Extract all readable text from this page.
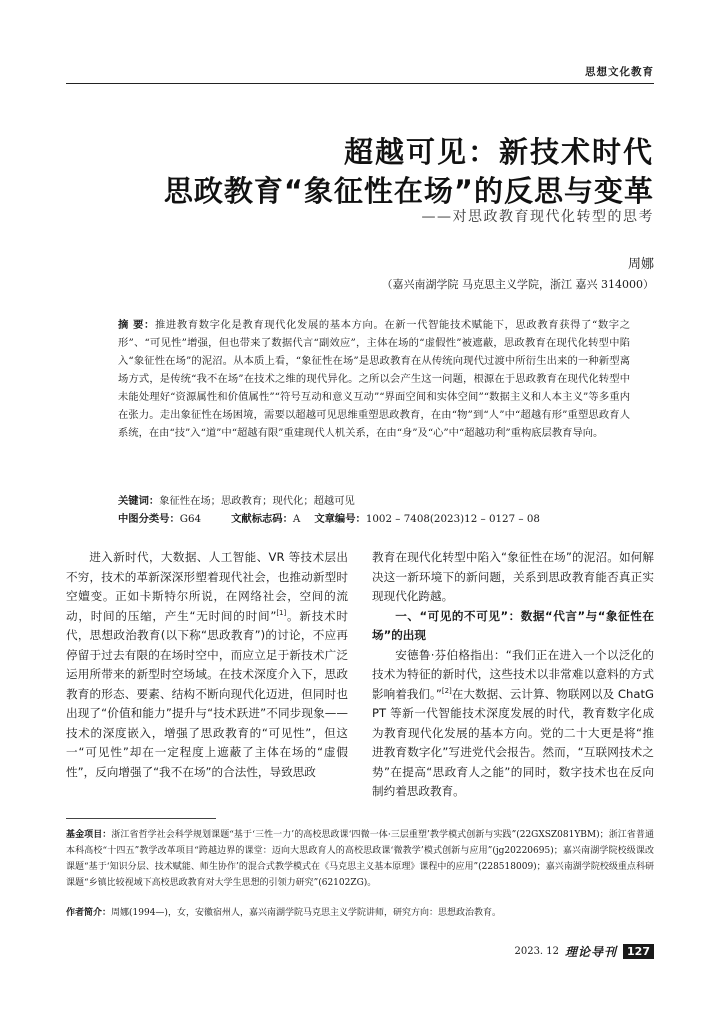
思想文化教育
超越可见：新技术时代
思政教育“象征性在场”的反思与变革
——对思政教育现代化转型的思考
周娜
（嘉兴南湖学院 马克思主义学院，浙江 嘉兴 314000）
摘 要：推进教育数字化是教育现代化发展的基本方向。在新一代智能技术赋能下，思政教育获得了“数字之形”、“可见性”增强，但也带来了数据代言“副效应”，主体在场的“虚假性”被遮蔽，思政教育在现代化转型中陷入“象征性在场”的泥沼。从本质上看，“象征性在场”是思政教育在从传统向现代过渡中所衍生出来的一种新型离场方式，是传统“我不在场”在技术之维的现代异化。之所以会产生这一问题，根源在于思政教育在现代化转型中未能处理好“资源属性和价值属性”“符号互动和意义互动”“界面空间和实体空间”“数据主义和人本主义”等多重内在张力。走出象征性在场困境，需要以超越可见思维重塑思政教育，在由“物”到“人”中“超越有形”重塑思政育人系统，在由“技”入“道”中“超越有限”重建现代人机关系，在由“身”及“心”中“超越功利”重构底层教育导向。
关键词：象征性在场；思政教育；现代化；超越可见
中图分类号：G64	文献标志码：A 文章编号：1002 – 7408(2023)12 – 0127 – 08

进入新时代，大数据、人工智能、VR 等技术层出不穷，技术的革新深深形塑着现代社会，也推动新型时空嬗变。正如卡斯特尔所说，在网络社会，空间的流动，时间的压缩，产生“无时间的时间”[1]。新技术时代，思想政治教育(以下称“思政教育”)的讨论，不应再停留于过去有限的在场时空中，而应立足于新技术广泛运用所带来的新型时空场域。在技术深度介入下，思政教育的形态、要素、结构不断向现代化迈进，但同时也出现了“价值和能力”提升与“技术跃进”不同步现象——技术的深度嵌入，增强了思政教育的“可见性”，但这一“可见性”却在一定程度上遮蔽了主体在场的“虚假性”，反向增强了“我不在场”的合法性，导致思政

教育在现代化转型中陷入“象征性在场”的泥沼。如何解决这一新环境下的新问题，关系到思政教育能否真正实现现代化跨越。

一、“可见的不可见”：数据“代言”与“象征性在场”的出现

安德鲁·芬伯格指出：“我们正在进入一个以泛化的技术为特征的新时代，这些技术以非常难以意料的方式影响着我们。”[2]在大数据、云计算、物联网以及 ChatGPT 等新一代智能技术深度发展的时代，教育数字化成为教育现代化发展的基本方向。党的二十大更是将“推进教育数字化”写进党代会报告。然而，“互联网技术之势”在提高“思政育人之能”的同时，数字技术也在反向制约着思政教育。

基金项目：浙江省哲学社会科学规划课题“基于‘三性一力’的高校思政课‘四微一体·三层重塑’教学模式创新与实践”(22GXSZ081YBM)；浙江省普通本科高校“十四五”教学改革项目“跨越边界的课堂：迈向大思政育人的高校思政课‘微教学’模式创新与应用”(jg20220695)；嘉兴南湖学院校级课改课题“基于‘知识分层、技术赋能、师生协作’的混合式教学模式在《马克思主义基本原理》课程中的应用”(228518009)；嘉兴南湖学院校级重点科研课题“乡镇比较视域下高校思政教育对大学生思想的引领力研究”(62102ZG)。
作者简介：周娜(1994—)，女，安徽宿州人，嘉兴南湖学院马克思主义学院讲师，研究方向：思想政治教育。
2023. 12 理论导刊 127
